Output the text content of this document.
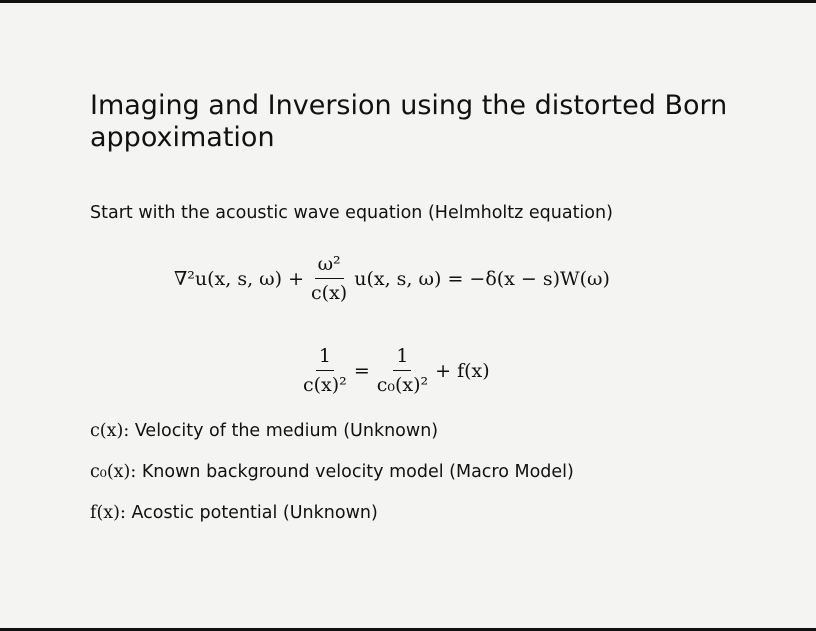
Imaging and Inversion using the distorted Born appoximation
Start with the acoustic wave equation (Helmholtz equation)
∇²u(x, s, $\omega) + \frac{\text{ω²}}{c(x)} u(x$, s, ω) = −δ(x − s)W(ω)
$\frac{1}{\text{c(x)²}} = \frac{1}{\text{c₀(x)²}} + f(x)$
c(x): Velocity of the medium (Unknown)
c₀(x): Known background velocity model (Macro Model)
f(x): Acostic potential (Unknown)
